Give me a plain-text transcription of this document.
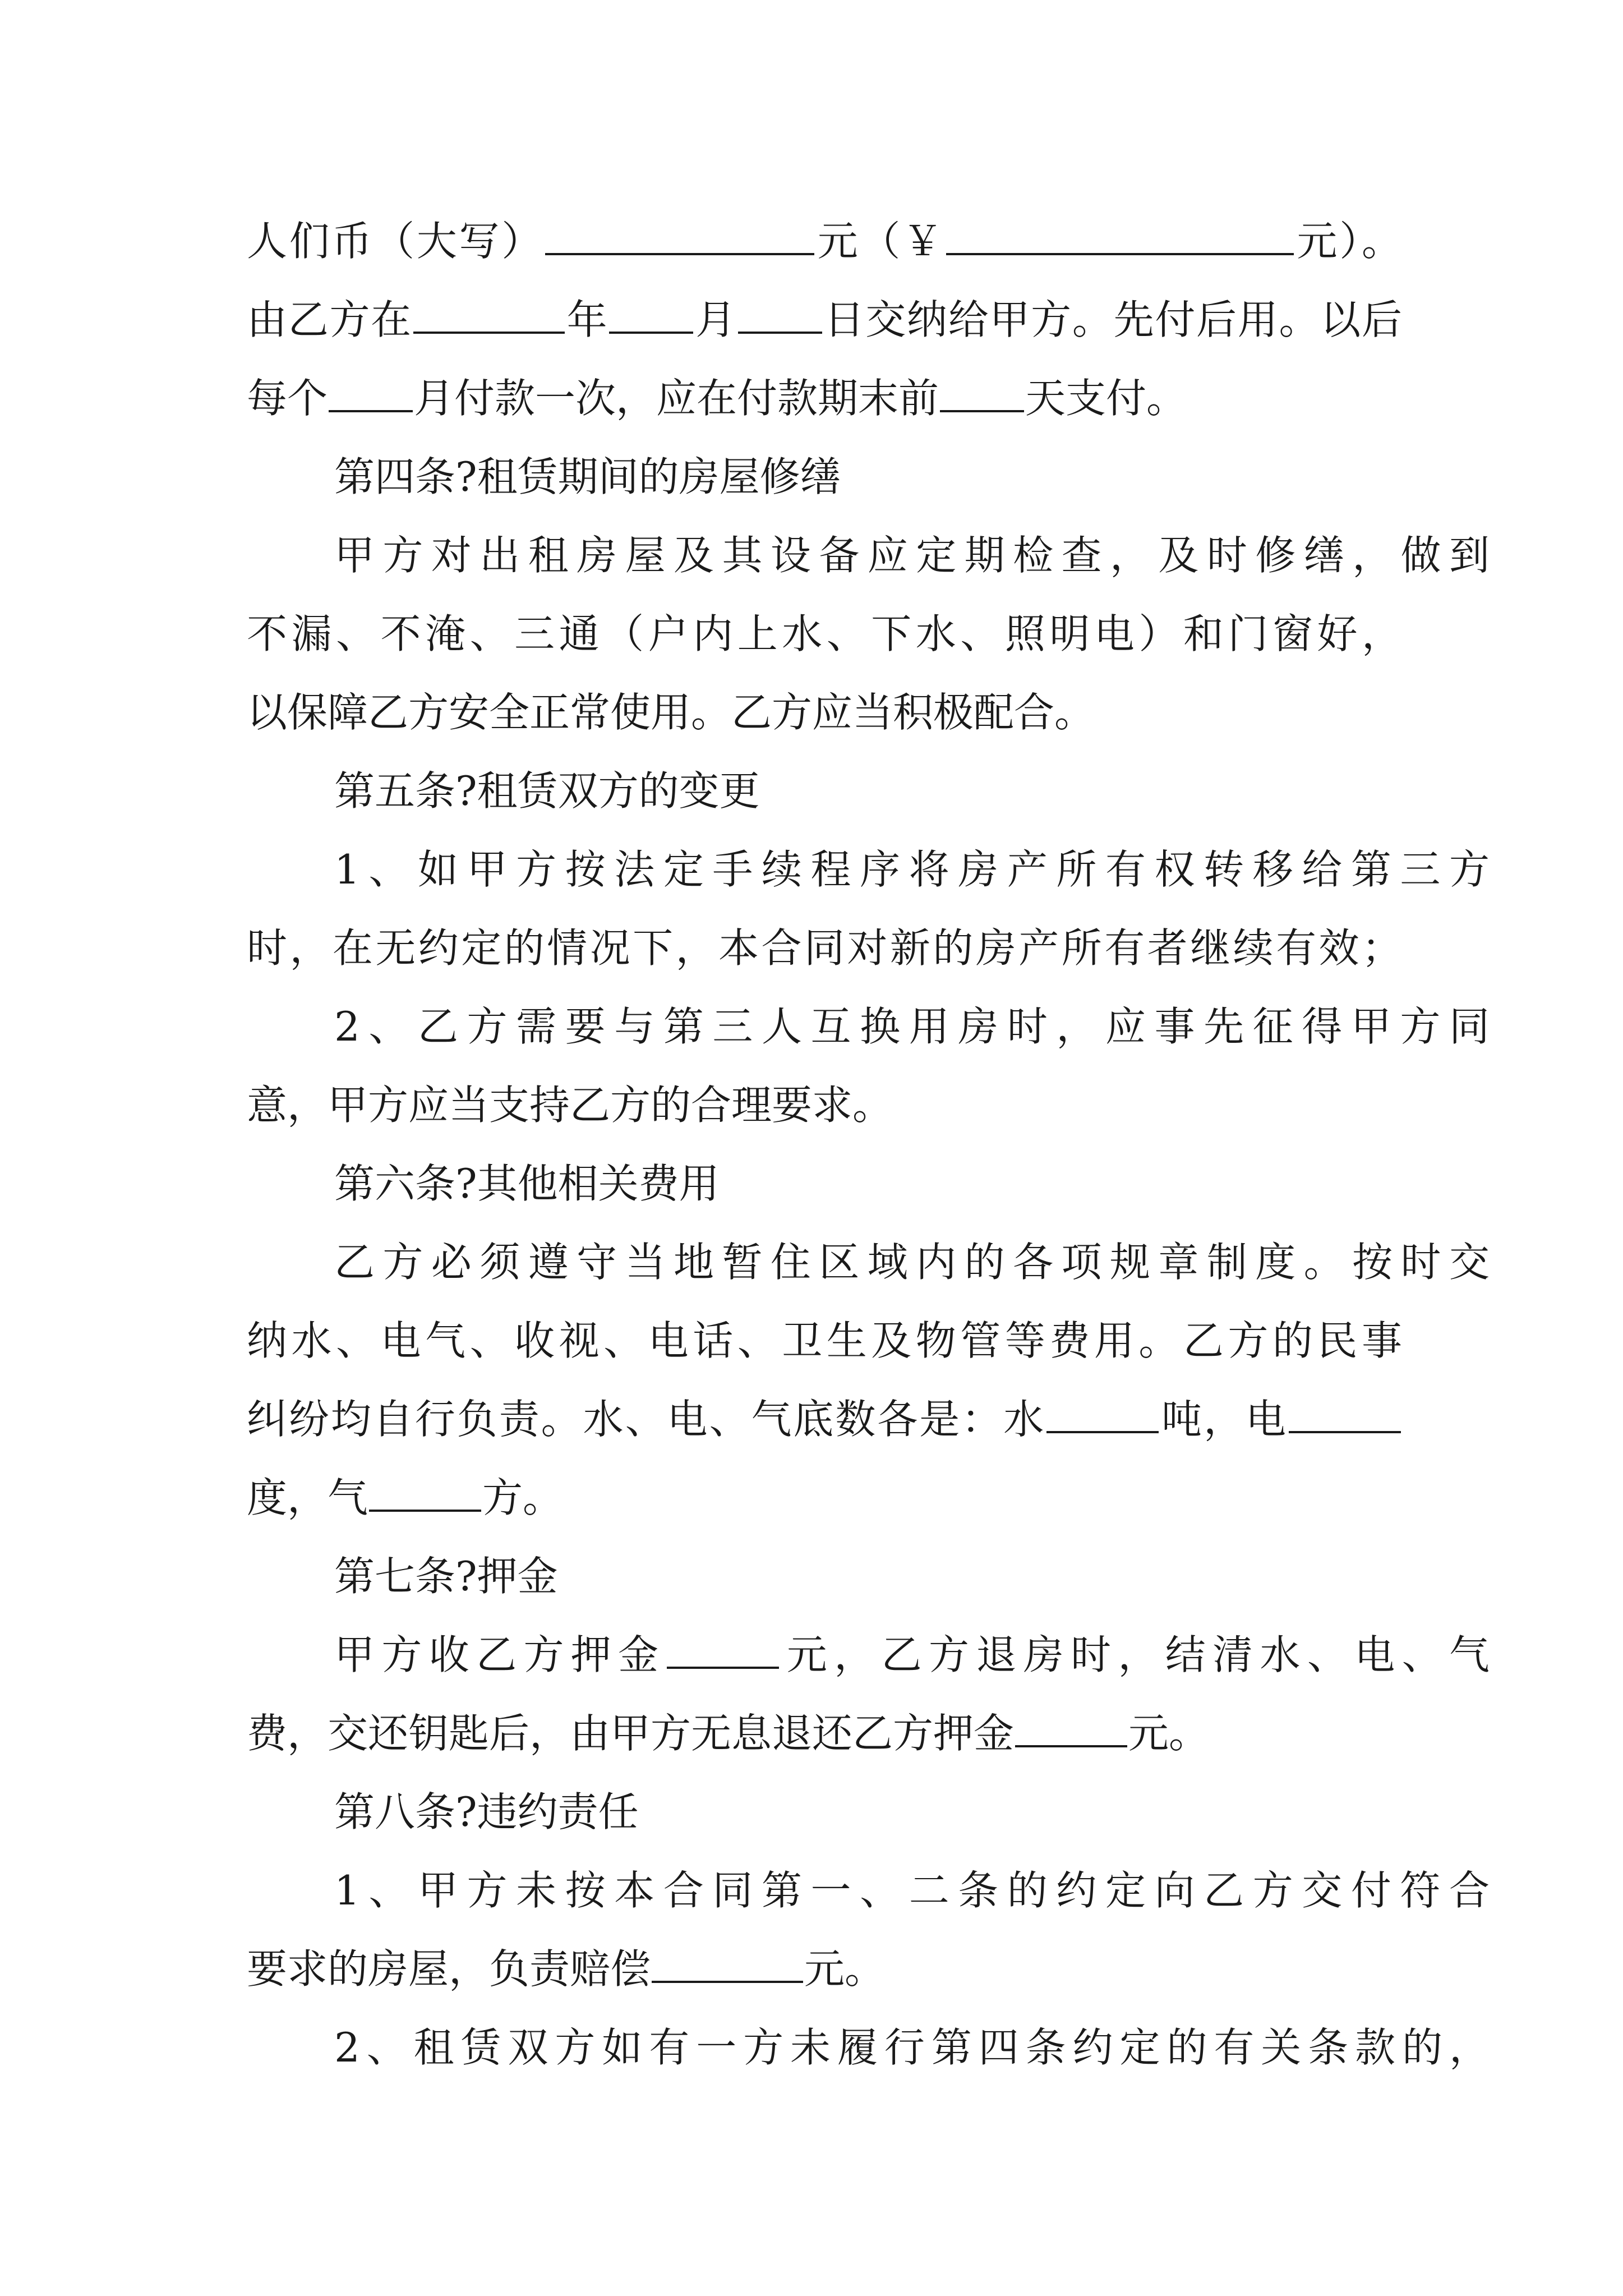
人们币（大写）	元（￥	元）。
由乙方在	年 月 日交纳给甲方。先付后用。以后
每个 月付款一次，应在付款期末前 天支付。
第四条?租赁期间的房屋修缮
甲方对出租房屋及其设备应定期检查，及时修缮，做到
不漏、不淹、三通（户内上水、下水、照明电）和门窗好，
以保障乙方安全正常使用。乙方应当积极配合。
第五条?租赁双方的变更
1、如甲方按法定手续程序将房产所有权转移给第三方
时，在无约定的情况下，本合同对新的房产所有者继续有效；
2、乙方需要与第三人互换用房时，应事先征得甲方同
意，甲方应当支持乙方的合理要求。
第六条?其他相关费用
乙方必须遵守当地暂住区域内的各项规章制度。按时交
纳水、电气、收视、电话、卫生及物管等费用。乙方的民事
纠纷均自行负责。水、电、气底数各是：水	吨，电
度，气	方。
第七条?押金
甲方收乙方押金	元，乙方退房时，结清水、电、气
费，交还钥匙后，由甲方无息退还乙方押金	元。
第八条?违约责任
1、甲方未按本合同第一、二条的约定向乙方交付符合
要求的房屋，负责赔偿	元。
2、租赁双方如有一方未履行第四条约定的有关条款的，
